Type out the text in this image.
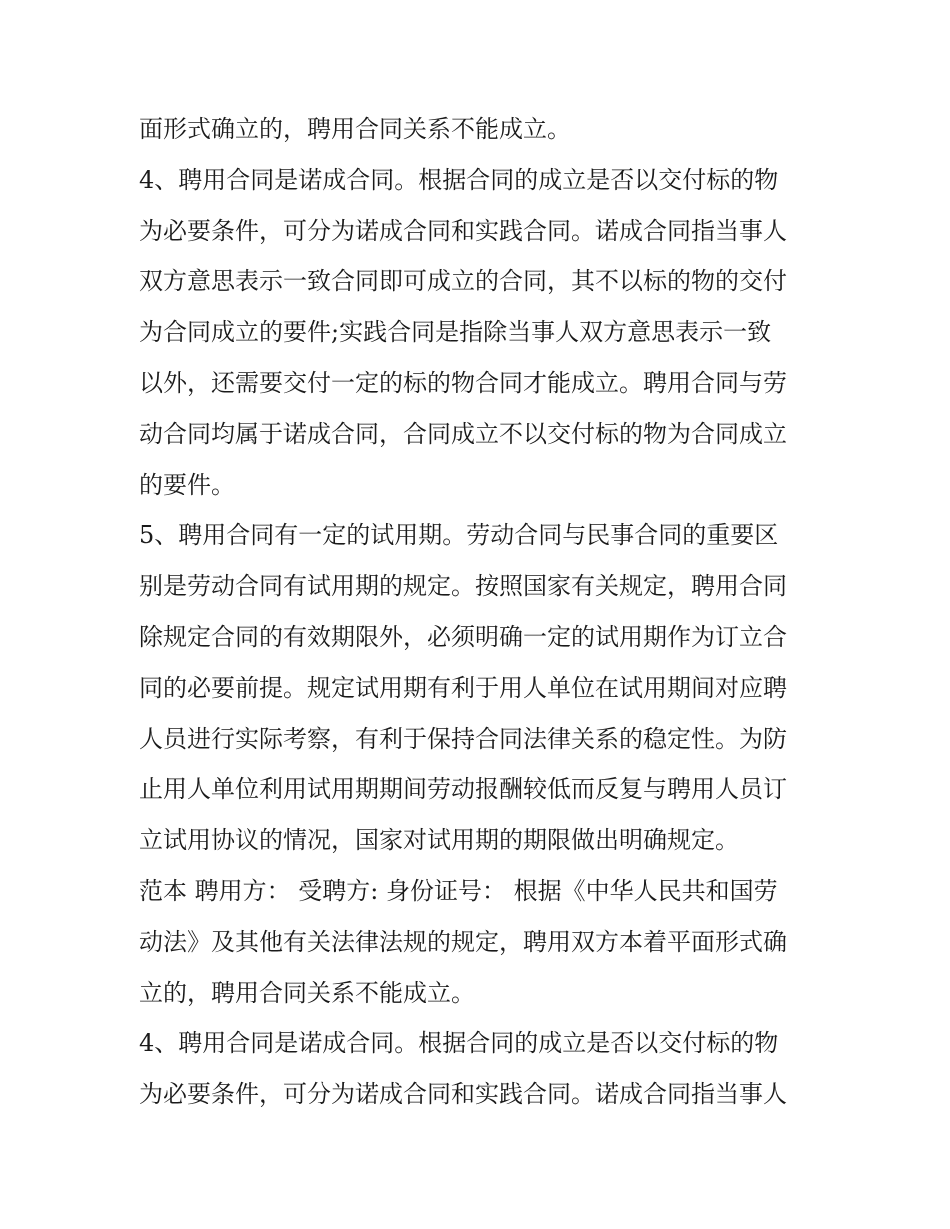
面形式确立的，聘用合同关系不能成立。
4、聘用合同是诺成合同。根据合同的成立是否以交付标的物
为必要条件，可分为诺成合同和实践合同。诺成合同指当事人
双方意思表示一致合同即可成立的合同，其不以标的物的交付
为合同成立的要件;实践合同是指除当事人双方意思表示一致
以外，还需要交付一定的标的物合同才能成立。聘用合同与劳
动合同均属于诺成合同，合同成立不以交付标的物为合同成立
的要件。
5、聘用合同有一定的试用期。劳动合同与民事合同的重要区
别是劳动合同有试用期的规定。按照国家有关规定，聘用合同
除规定合同的有效期限外，必须明确一定的试用期作为订立合
同的必要前提。规定试用期有利于用人单位在试用期间对应聘
人员进行实际考察，有利于保持合同法律关系的稳定性。为防
止用人单位利用试用期期间劳动报酬较低而反复与聘用人员订
立试用协议的情况，国家对试用期的期限做出明确规定。
范本 聘用方： 受聘方: 身份证号： 根据《中华人民共和国劳
动法》及其他有关法律法规的规定，聘用双方本着平面形式确
立的，聘用合同关系不能成立。
4、聘用合同是诺成合同。根据合同的成立是否以交付标的物
为必要条件，可分为诺成合同和实践合同。诺成合同指当事人
